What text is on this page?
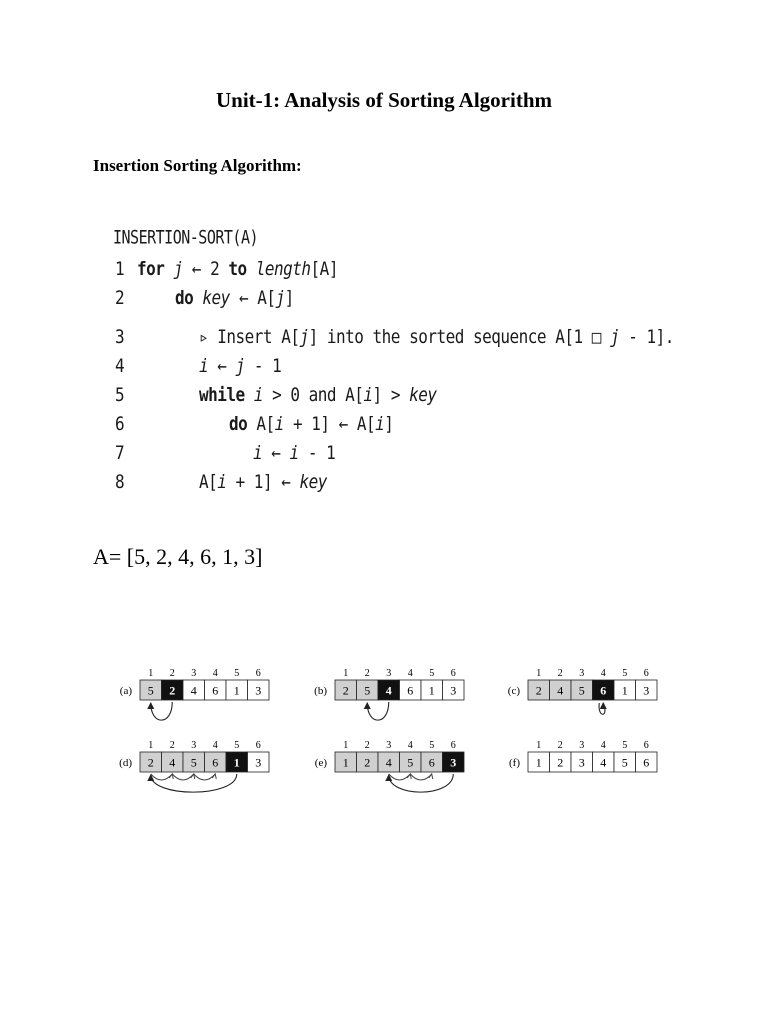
Unit-1: Analysis of Sorting Algorithm
Insertion Sorting Algorithm:
INSERTION-SORT(A)
1 for j ← 2 to length[A]
2	do key ← A[j]
3	▹ Insert A[j] into the sorted sequence A[1 □ j - 1].
4	i ← j - 1
5	while i > 0 and A[i] > key
6	do A[i + 1] ← A[i]
7	i ← i - 1
8	A[i + 1] ← key
A= [5, 2, 4, 6, 1, 3]
(a)
1 2 3 4 5 6
5 2 4 6 1 3	(b)
1 2 3 4 5 6
2 5 4 6 1 3	(c)
1 2 3 4 5 6
2 4 5 6 1 3
(d)
1 2 3 4 5 6
2 4 5 6 1 3	(e)
1 2 3 4 5 6
1 2 4 5 6 3	(f)
1 2 3 4 5 6
1 2 3 4 5 6
